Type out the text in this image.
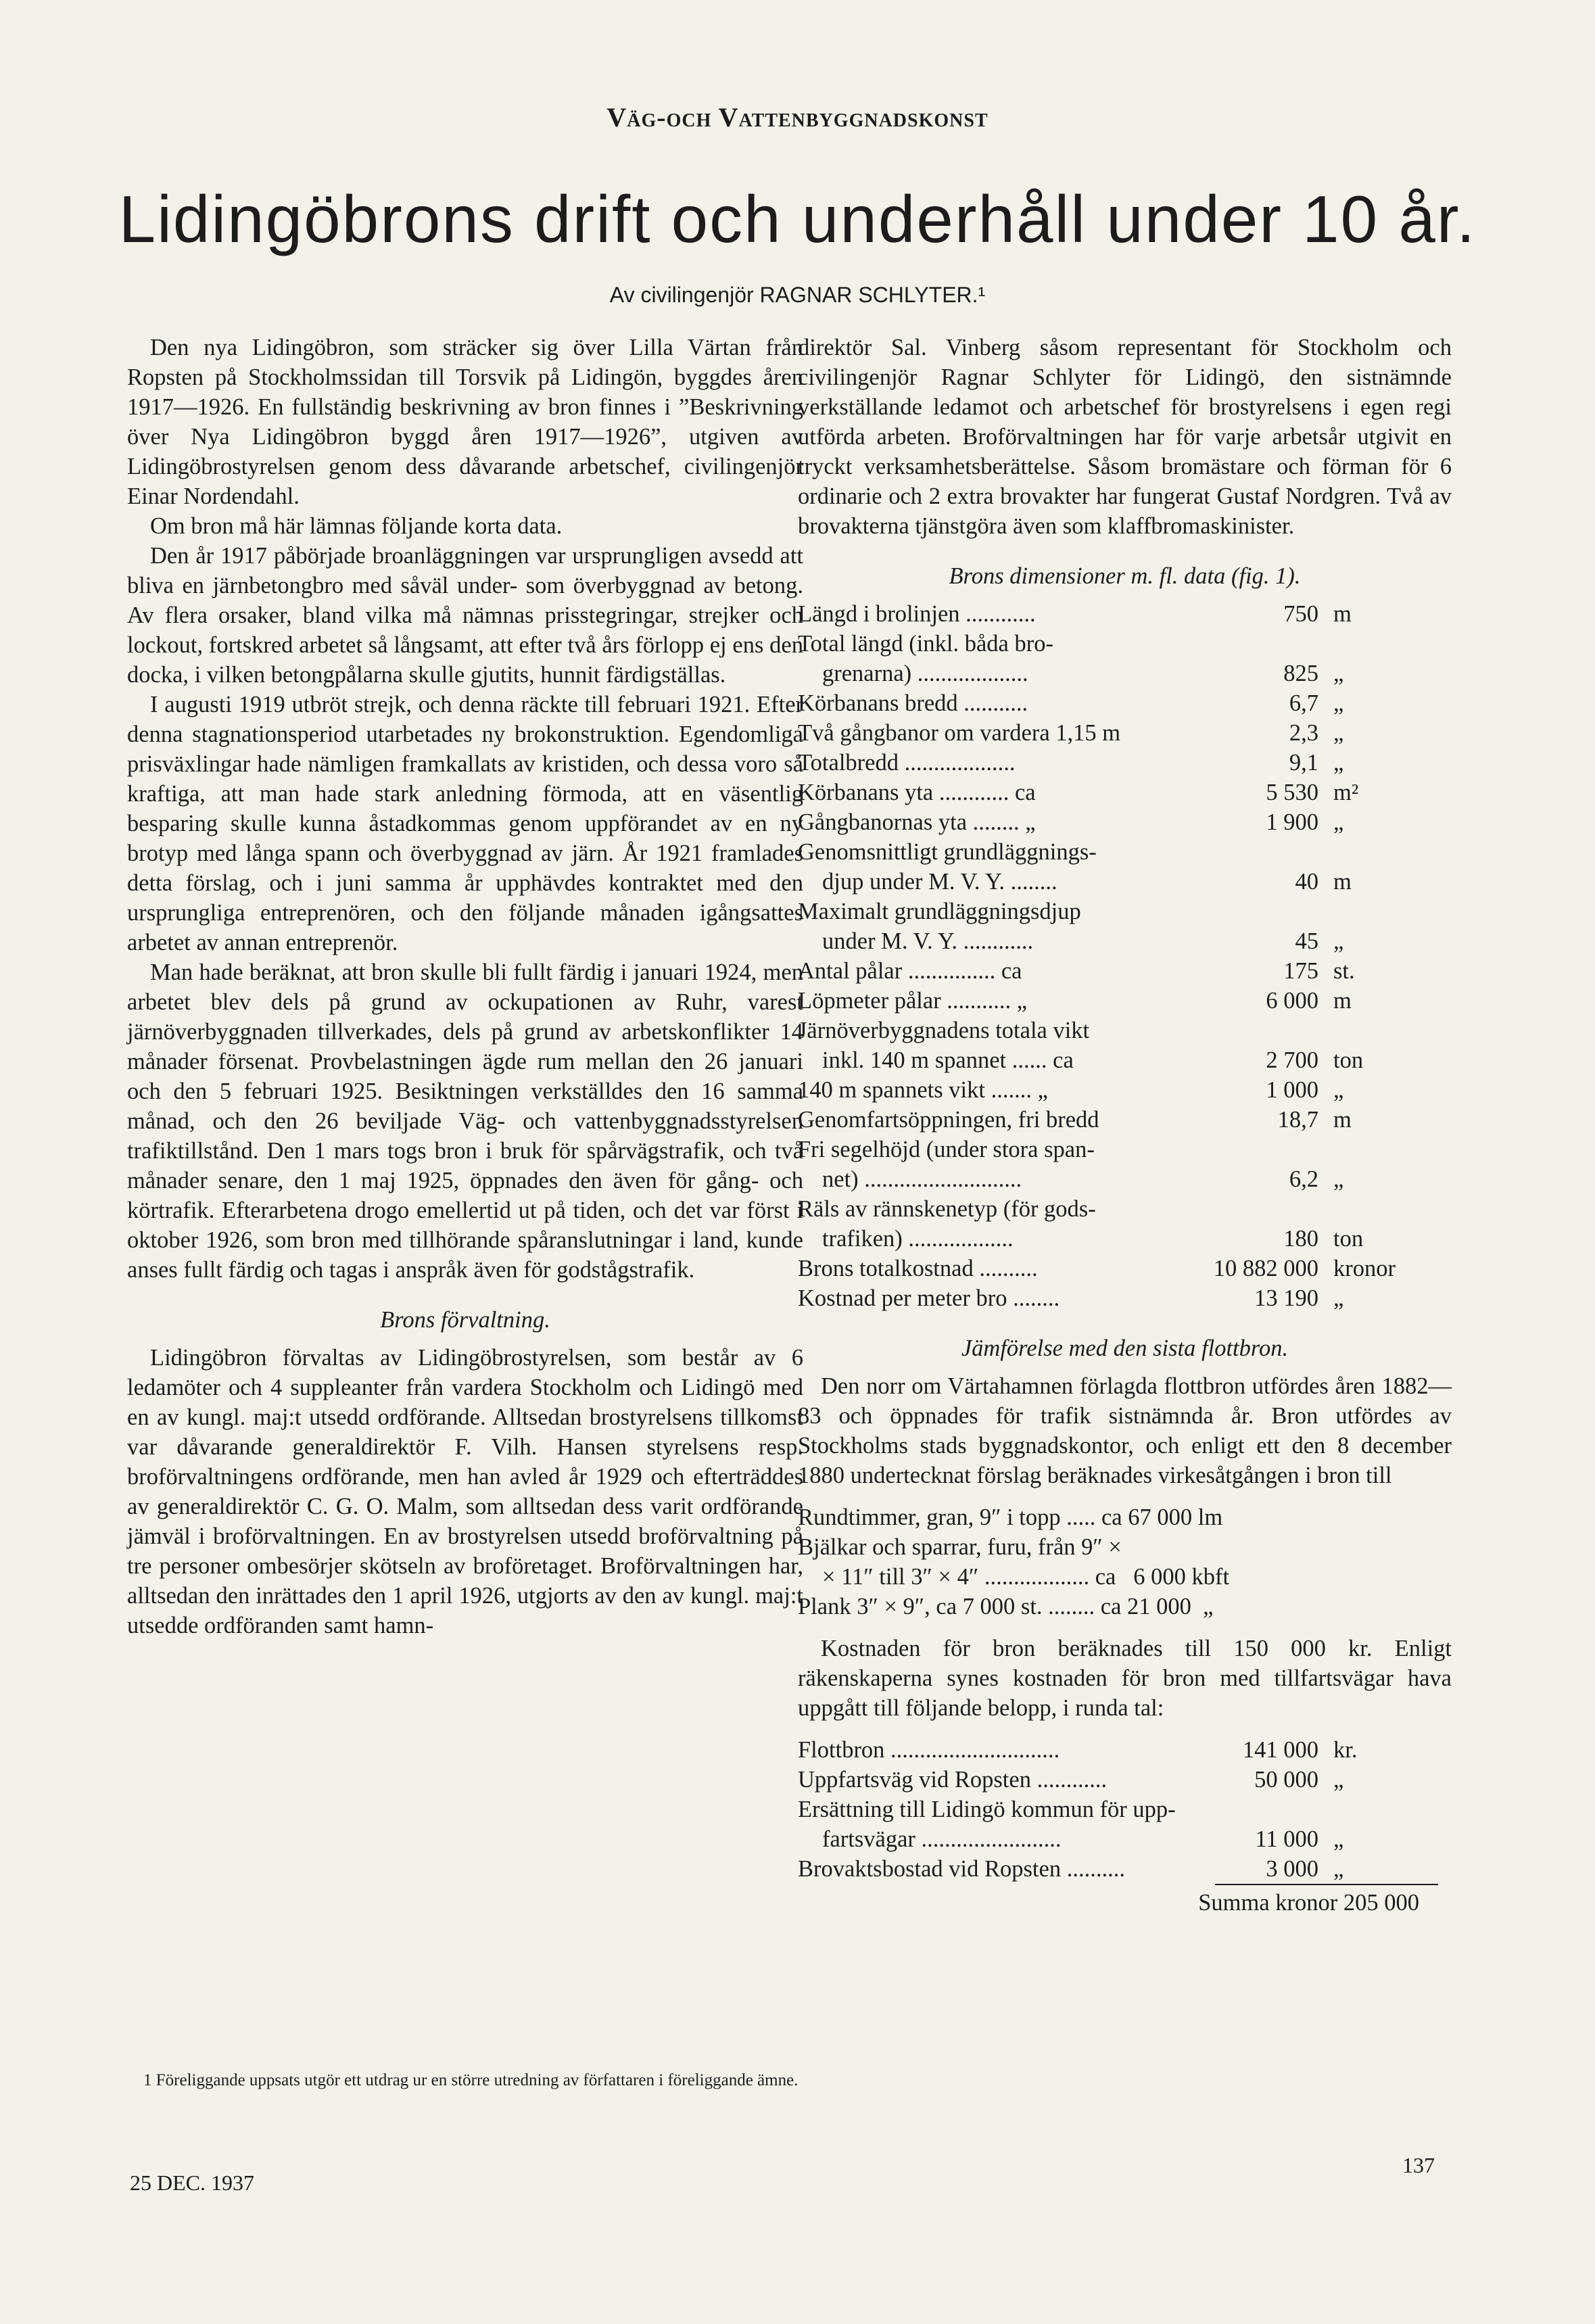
Väg-och Vattenbyggnadskonst
Lidingöbrons drift och underhåll under 10 år.
Av civilingenjör RAGNAR SCHLYTER.¹

Den nya Lidingöbron, som sträcker sig över Lilla Värtan från Ropsten på Stockholmssidan till Torsvik på Lidingön, byggdes åren 1917—1926. En fullständig beskrivning av bron finnes i ”Beskrivning över Nya Lidingöbron byggd åren 1917—1926”, utgiven av Lidingöbrostyrelsen genom dess dåvarande arbetschef, civilingenjör Einar Nordendahl.

Om bron må här lämnas följande korta data.

Den år 1917 påbörjade broanläggningen var ursprungligen avsedd att bliva en järnbetongbro med såväl under- som överbyggnad av betong. Av flera orsaker, bland vilka må nämnas prisstegringar, strejker och lockout, fortskred arbetet så långsamt, att efter två års förlopp ej ens den docka, i vilken betongpålarna skulle gjutits, hunnit färdigställas.

I augusti 1919 utbröt strejk, och denna räckte till februari 1921. Efter denna stagnationsperiod utarbetades ny brokonstruktion. Egendomliga prisväxlingar hade nämligen framkallats av kristiden, och dessa voro så kraftiga, att man hade stark anledning förmoda, att en väsentlig besparing skulle kunna åstadkommas genom uppförandet av en ny brotyp med långa spann och överbyggnad av järn. År 1921 framlades detta förslag, och i juni samma år upphävdes kontraktet med den ursprungliga entreprenören, och den följande månaden igångsattes arbetet av annan entreprenör.

Man hade beräknat, att bron skulle bli fullt färdig i januari 1924, men arbetet blev dels på grund av ockupationen av Ruhr, varest järnöverbyggnaden tillverkades, dels på grund av arbetskonflikter 14 månader försenat. Provbelastningen ägde rum mellan den 26 januari och den 5 februari 1925. Besiktningen verkställdes den 16 samma månad, och den 26 beviljade Väg- och vattenbyggnadsstyrelsen trafiktillstånd. Den 1 mars togs bron i bruk för spårvägstrafik, och två månader senare, den 1 maj 1925, öppnades den även för gång- och körtrafik. Efterarbetena drogo emellertid ut på tiden, och det var först i oktober 1926, som bron med tillhörande spåranslutningar i land, kunde anses fullt färdig och tagas i anspråk även för godstågstrafik.

Brons förvaltning.

Lidingöbron förvaltas av Lidingöbrostyrelsen, som består av 6 ledamöter och 4 suppleanter från vardera Stockholm och Lidingö med en av kungl. maj:t utsedd ordförande. Alltsedan brostyrelsens tillkomst var dåvarande generaldirektör F. Vilh. Hansen styrelsens resp. broförvaltningens ordförande, men han avled år 1929 och efterträddes av generaldirektör C. G. O. Malm, som alltsedan dess varit ordförande jämväl i broförvaltningen. En av brostyrelsen utsedd broförvaltning på tre personer ombesörjer skötseln av broföretaget. Broförvaltningen har, alltsedan den inrättades den 1 april 1926, utgjorts av den av kungl. maj:t utsedde ordföranden samt hamn-

1 Föreliggande uppsats utgör ett utdrag ur en större utredning av författaren i föreliggande ämne.

direktör Sal. Vinberg såsom representant för Stockholm och civilingenjör Ragnar Schlyter för Lidingö, den sistnämnde verkställande ledamot och arbetschef för brostyrelsens i egen regi utförda arbeten. Broförvaltningen har för varje arbetsår utgivit en tryckt verksamhetsberättelse. Såsom bromästare och förman för 6 ordinarie och 2 extra brovakter har fungerat Gustaf Nordgren. Två av brovakterna tjänstgöra även som klaffbromaskinister.

Brons dimensioner m. fl. data (fig. 1).
Längd i brolinjen ............	750	m
Total längd (inkl. båda bro-		
grenarna) ...................	825	„
Körbanans bredd ...........	6,7	„
Två gångbanor om vardera 1,15 m	2,3	„
Totalbredd ...................	9,1	„
Körbanans yta ............ ca	5 530	m²
Gångbanornas yta ........ „	1 900	„
Genomsnittligt grundläggnings-		
djup under M. V. Y. ........	40	m
Maximalt grundläggningsdjup		
under M. V. Y. ............	45	„
Antal pålar ............... ca	175	st.
Löpmeter pålar ........... „	6 000	m
Järnöverbyggnadens totala vikt		
inkl. 140 m spannet ...... ca	2 700	ton
140 m spannets vikt ....... „	1 000	„
Genomfartsöppningen, fri bredd	18,7	m
Fri segelhöjd (under stora span-		
net) ...........................	6,2	„
Räls av rännskenetyp (för gods-		
trafiken) ..................	180	ton
Brons totalkostnad ..........	10 882 000	kronor
Kostnad per meter bro ........	13 190	„
Jämförelse med den sista flottbron.

Den norr om Värtahamnen förlagda flottbron utfördes åren 1882—83 och öppnades för trafik sistnämnda år. Bron utfördes av Stockholms stads byggnadskontor, och enligt ett den 8 december 1880 undertecknat förslag beräknades virkesåtgången i bron till

Rundtimmer, gran, 9″ i topp ..... ca 67 000 lm
Bjälkar och sparrar, furu, från 9″ ×
× 11″ till 3″ × 4″ .................. ca   6 000 kbft
Plank 3″ × 9″, ca 7 000 st. ........ ca 21 000  „

Kostnaden för bron beräknades till 150 000 kr. Enligt räkenskaperna synes kostnaden för bron med tillfartsvägar hava uppgått till följande belopp, i runda tal:

Flottbron .............................	141 000	kr.
Uppfartsväg vid Ropsten ............	50 000	„
Ersättning till Lidingö kommun för upp-		
fartsvägar ........................	11 000	„
Brovaktsbostad vid Ropsten ..........	3 000	„
Summa kronor 205 000
25 DEC. 1937
137
